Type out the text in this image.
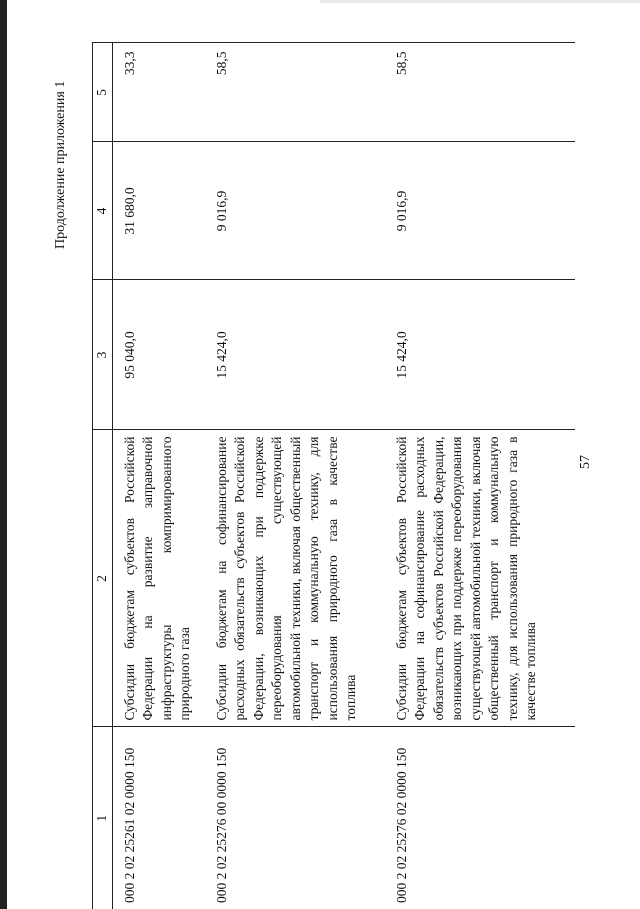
57
Продолжение приложения 1
1	2	3	4	5
000 2 02 25261 02 0000 150	Субсидии бюджетам субъектов Российской Федерации на развитие заправочной инфраструктуры компримированного природного газа	95 040,0	31 680,0	33,3
000 2 02 25276 00 0000 150	Субсидии бюджетам на софинансирование расходных обязательств субъектов Российской Федерации, возникающих при поддержке переоборудования существующей автомобильной техники, включая общественный транспорт и коммунальную технику, для использования природного газа в качестве топлива	15 424,0	9 016,9	58,5
000 2 02 25276 02 0000 150	Субсидии бюджетам субъектов Российской Федерации на софинансирование расходных обязательств субъектов Российской Федерации, возникающих при поддержке переоборудования существующей автомобильной техники, включая общественный транспорт и коммунальную технику, для использования природного газа в качестве топлива	15 424,0	9 016,9	58,5
